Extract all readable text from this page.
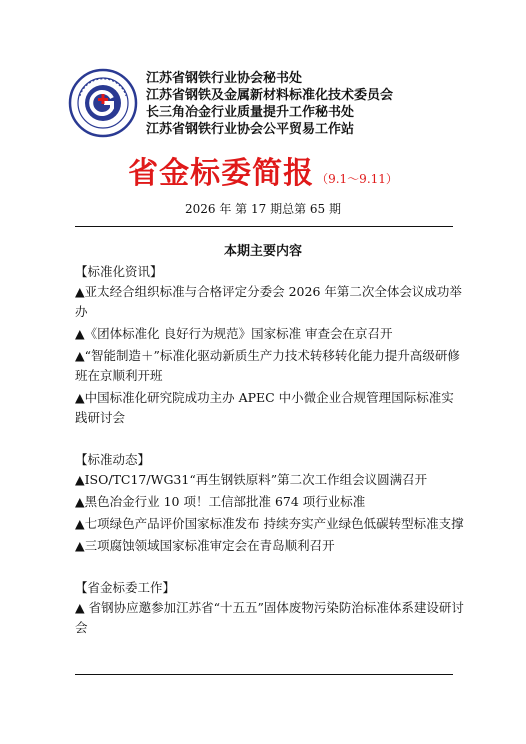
江苏省钢铁行业协会秘书处
江苏省钢铁及金属新材料标准化技术委员会
长三角冶金行业质量提升工作秘书处
江苏省钢铁行业协会公平贸易工作站
省金标委简报 （9.1～9.11）
2026 年 第 17 期总第 65 期
本期主要内容
【标准化资讯】
▲亚太经合组织标准与合格评定分委会 2026 年第二次全体会议成功举办
▲《团体标准化 良好行为规范》国家标准 审查会在京召开
▲“智能制造＋”标准化驱动新质生产力技术转移转化能力提升高级研修班在京顺利开班
▲中国标准化研究院成功主办 APEC 中小微企业合规管理国际标准实践研讨会
【标准动态】
▲ISO/TC17/WG31“再生钢铁原料”第二次工作组会议圆满召开
▲黑色冶金行业 10 项！工信部批准 674 项行业标准
▲七项绿色产品评价国家标准发布 持续夯实产业绿色低碳转型标准支撑
▲三项腐蚀领域国家标准审定会在青岛顺利召开
【省金标委工作】
▲ 省钢协应邀参加江苏省“十五五”固体废物污染防治标准体系建设研讨会
